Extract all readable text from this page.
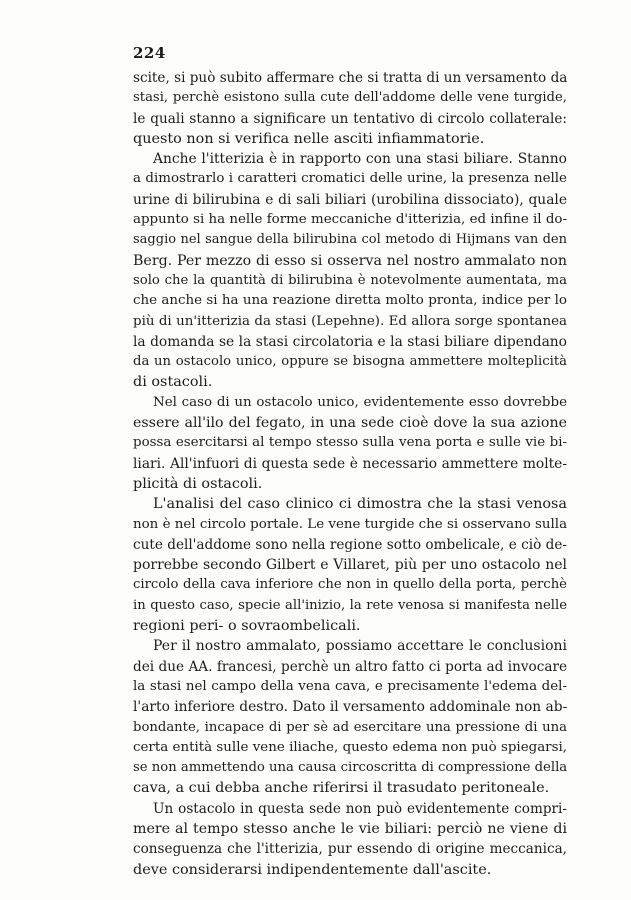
224
scite, si può subito affermare che si tratta di un versamento da
stasi, perchè esistono sulla cute dell'addome delle vene turgide,
le quali stanno a significare un tentativo di circolo collaterale:
questo non si verifica nelle asciti infiammatorie.
Anche l'itterizia è in rapporto con una stasi biliare. Stanno
a dimostrarlo i caratteri cromatici delle urine, la presenza nelle
urine di bilirubina e di sali biliari (urobilina dissociato), quale
appunto si ha nelle forme meccaniche d'itterizia, ed infine il do-
saggio nel sangue della bilirubina col metodo di Hijmans van den
Berg. Per mezzo di esso si osserva nel nostro ammalato non
solo che la quantità di bilirubina è notevolmente aumentata, ma
che anche si ha una reazione diretta molto pronta, indice per lo
più di un'itterizia da stasi (Lepehne). Ed allora sorge spontanea
la domanda se la stasi circolatoria e la stasi biliare dipendano
da un ostacolo unico, oppure se bisogna ammettere molteplicità
di ostacoli.
Nel caso di un ostacolo unico, evidentemente esso dovrebbe
essere all'ilo del fegato, in una sede cioè dove la sua azione
possa esercitarsi al tempo stesso sulla vena porta e sulle vie bi-
liari. All'infuori di questa sede è necessario ammettere molte-
plicità di ostacoli.
L'analisi del caso clinico ci dimostra che la stasi venosa
non è nel circolo portale. Le vene turgide che si osservano sulla
cute dell'addome sono nella regione sotto ombelicale, e ciò de-
porrebbe secondo Gilbert e Villaret, più per uno ostacolo nel
circolo della cava inferiore che non in quello della porta, perchè
in questo caso, specie all'inizio, la rete venosa si manifesta nelle
regioni peri- o sovraombelicali.
Per il nostro ammalato, possiamo accettare le conclusioni
dei due AA. francesi, perchè un altro fatto ci porta ad invocare
la stasi nel campo della vena cava, e precisamente l'edema del-
l'arto inferiore destro. Dato il versamento addominale non ab-
bondante, incapace di per sè ad esercitare una pressione di una
certa entità sulle vene iliache, questo edema non può spiegarsi,
se non ammettendo una causa circoscritta di compressione della
cava, a cui debba anche riferirsi il trasudato peritoneale.
Un ostacolo in questa sede non può evidentemente compri-
mere al tempo stesso anche le vie biliari: perciò ne viene di
conseguenza che l'itterizia, pur essendo di origine meccanica,
deve considerarsi indipendentemente dall'ascite.
